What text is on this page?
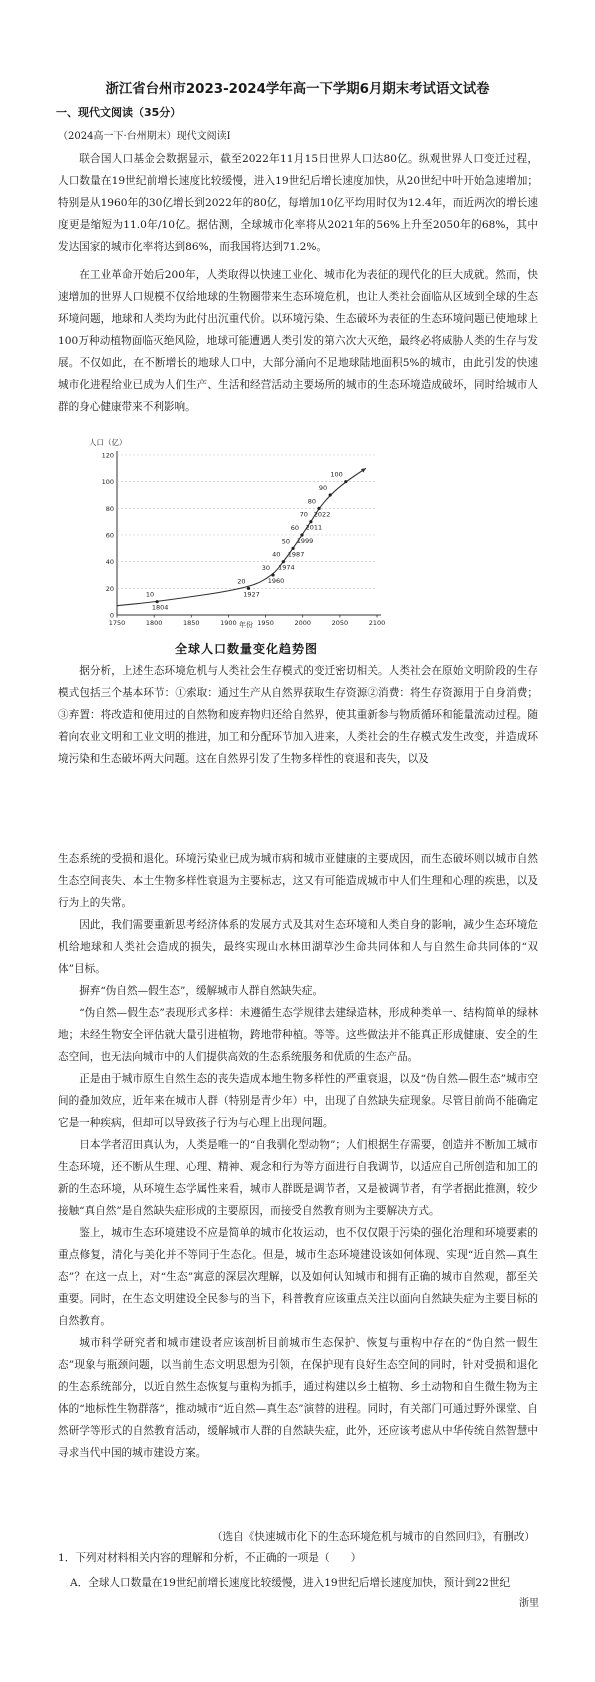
浙江省台州市2023-2024学年高一下学期6月期末考试语文试卷
一、现代文阅读（35分）
（2024高一下·台州期末）现代文阅读I

联合国人口基金会数据显示，截至2022年11月15日世界人口达80亿。纵观世界人口变迁过程，人口数量在19世纪前增长速度比较缓慢，进入19世纪后增长速度加快，从20世纪中叶开始急速增加；特别是从1960年的30亿增长到2022年的80亿，每增加10亿平均用时仅为12.4年，而近两次的增长速度更是缩短为11.0年/10亿。据估测，全球城市化率将从2021年的56%上升至2050年的68%，其中发达国家的城市化率将达到86%，而我国将达到71.2%。

在工业革命开始后200年，人类取得以快速工业化、城市化为表征的现代化的巨大成就。然而，快速增加的世界人口规模不仅给地球的生物圈带来生态环境危机，也让人类社会面临从区域到全球的生态环境问题，地球和人类均为此付出沉重代价。以环境污染、生态破坏为表征的生态环境问题已使地球上100万种动植物面临灭绝风险，地球可能遭遇人类引发的第六次大灭绝，最终必将威胁人类的生存与发展。不仅如此，在不断增长的地球人口中，大部分涌向不足地球陆地面积5%的城市，由此引发的快速城市化进程给业已成为人们生产、生活和经营活动主要场所的城市的生态环境造成破坏，同时给城市人群的身心健康带来不利影响。

人口（亿）
年份
0
20
40
60
80
100
120
1750	1800	1850	1900	1950	2000	2050	2100
10
1804
20
1927
30
1960
40
1974
50
1987
60
1999
70
2011
80
2022
90
100
全球人口数量变化趋势图

据分析，上述生态环境危机与人类社会生存模式的变迁密切相关。人类社会在原始文明阶段的生存模式包括三个基本环节：①索取：通过生产从自然界获取生存资源②消费：将生存资源用于自身消费；③弃置：将改造和使用过的自然物和废弃物归还给自然界，使其重新参与物质循环和能量流动过程。随着向农业文明和工业文明的推进，加工和分配环节加入进来，人类社会的生存模式发生改变，并造成环境污染和生态破坏两大问题。这在自然界引发了生物多样性的衰退和丧失，以及

生态系统的受损和退化。环境污染业已成为城市病和城市亚健康的主要成因，而生态破坏则以城市自然生态空间丧失、本土生物多样性衰退为主要标志，这又有可能造成城市中人们生理和心理的疾患，以及行为上的失常。

因此，我们需要重新思考经济体系的发展方式及其对生态环境和人类自身的影响，减少生态环境危机给地球和人类社会造成的损失，最终实现山水林田湖草沙生命共同体和人与自然生命共同体的“双体”目标。

摒弃“伪自然—假生态”，缓解城市人群自然缺失症。

“伪自然—假生态”表现形式多样：未遵循生态学规律去建绿造林，形成种类单一、结构简单的绿林地；未经生物安全评估就大量引进植物，跨地带种植。等等。这些做法并不能真正形成健康、安全的生态空间，也无法向城市中的人们提供高效的生态系统服务和优质的生态产品。

正是由于城市原生自然生态的丧失造成本地生物多样性的严重衰退，以及“伪自然—假生态”城市空间的叠加效应，近年来在城市人群（特别是青少年）中，出现了自然缺失症现象。尽管目前尚不能确定它是一种疾病，但却可以导致孩子行为与心理上出现问题。

日本学者沼田真认为，人类是唯一的“自我驯化型动物”；人们根据生存需要，创造并不断加工城市生态环境，还不断从生理、心理、精神、观念和行为等方面进行自我调节，以适应自己所创造和加工的新的生态环境，从环境生态学属性来看，城市人群既是调节者，又是被调节者，有学者据此推测，较少接触“真自然”是自然缺失症形成的主要原因，而接受自然教育则为主要解决方式。

鉴上，城市生态环境建设不应是简单的城市化妆运动，也不仅仅限于污染的强化治理和环境要素的重点修复，清化与美化并不等同于生态化。但是，城市生态环境建设该如何体现、实现“近自然—真生态”？在这一点上，对“生态”寓意的深层次理解，以及如何认知城市和拥有正确的城市自然观，都至关重要。同时，在生态文明建设全民参与的当下，科普教育应该重点关注以面向自然缺失症为主要目标的自然教育。

城市科学研究者和城市建设者应该剖析目前城市生态保护、恢复与重构中存在的“伪自然一假生态”现象与瓶颈问题，以当前生态文明思想为引领，在保护现有良好生态空间的同时，针对受损和退化的生态系统部分，以近自然生态恢复与重构为抓手，通过构建以乡土植物、乡土动物和自生微生物为主体的“地标性生物群落”，推动城市“近自然—真生态”演替的进程。同时，有关部门可通过野外课堂、自然研学等形式的自然教育活动，缓解城市人群的自然缺失症，此外，还应该考虑从中华传统自然智慧中寻求当代中国的城市建设方案。

（选自《快速城市化下的生态环境危机与城市的自然回归》，有删改）
1．下列对材料相关内容的理解和分析，不正确的一项是（　　）
A．全球人口数量在19世纪前增长速度比较缓慢，进入19世纪后增长速度加快，预计到22世纪
浙里
